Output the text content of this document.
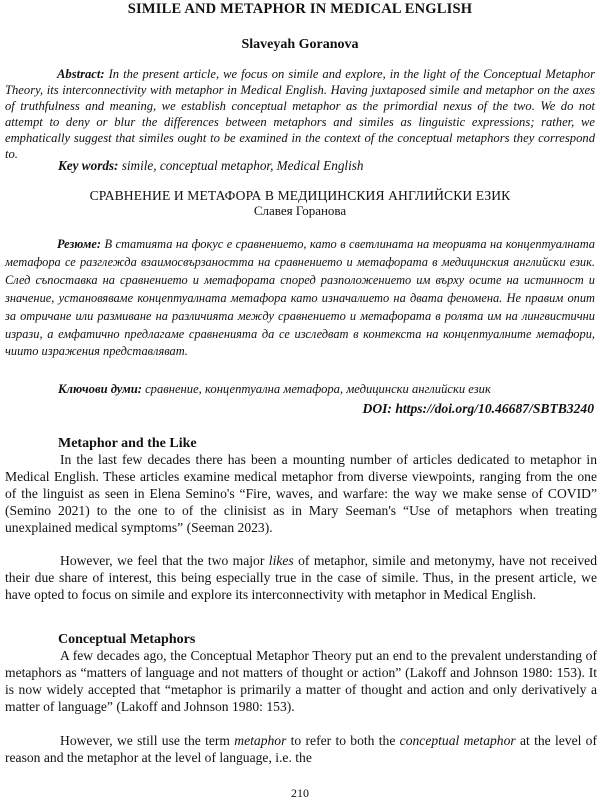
SIMILE AND METAPHOR IN MEDICAL ENGLISH
Slaveyah Goranova

Abstract: In the present article, we focus on simile and explore, in the light of the Conceptual Metaphor Theory, its interconnectivity with metaphor in Medical English. Having juxtaposed simile and metaphor on the axes of truthfulness and meaning, we establish conceptual metaphor as the primordial nexus of the two. We do not attempt to deny or blur the differences between metaphors and similes as linguistic expressions; rather, we emphatically suggest that similes ought to be examined in the context of the conceptual metaphors they correspond to.

Key words: simile, conceptual metaphor, Medical English

СРАВНЕНИЕ И МЕТАФОРА В МЕДИЦИНСКИЯ АНГЛИЙСКИ ЕЗИК
Славея Горанова

Резюме: В статията на фокус е сравнението, като в светлината на теорията на концептуалната метафора се разглежда взаимосвързаността на сравнението и метафората в медицинския английски език. След съпоставка на сравнението и метафората според разположението им върху осите на истинност и значение, установяваме концептуалната метафора като изначалието на двата феномена. Не правим опит за отричане или размиване на различията между сравнението и метафората в ролята им на лингвистични изрази, а емфатично предлагаме сравненията да се изследват в контекста на концептуалните метафори, чиито изражения представляват.

Ключови думи: сравнение, концептуална метафора, медицински английски език

DOI: https://doi.org/10.46687/SBTB3240
Metaphor and the Like

In the last few decades there has been a mounting number of articles dedicated to metaphor in Medical English. These articles examine medical metaphor from diverse viewpoints, ranging from the one of the linguist as seen in Elena Semino's “Fire, waves, and warfare: the way we make sense of COVID” (Semino 2021) to the one to of the clinisist as in Mary Seeman's “Use of metaphors when treating unexplained medical symptoms” (Seeman 2023).

However, we feel that the two major likes of metaphor, simile and metonymy, have not received their due share of interest, this being especially true in the case of simile. Thus, in the present article, we have opted to focus on simile and explore its interconnectivity with metaphor in Medical English.

Conceptual Metaphors

A few decades ago, the Conceptual Metaphor Theory put an end to the prevalent understanding of metaphors as “matters of language and not matters of thought or action” (Lakoff and Johnson 1980: 153). It is now widely accepted that “metaphor is primarily a matter of thought and action and only derivatively a matter of language” (Lakoff and Johnson 1980: 153).

However, we still use the term metaphor to refer to both the conceptual metaphor at the level of reason and the metaphor at the level of language, i.e. the

210
